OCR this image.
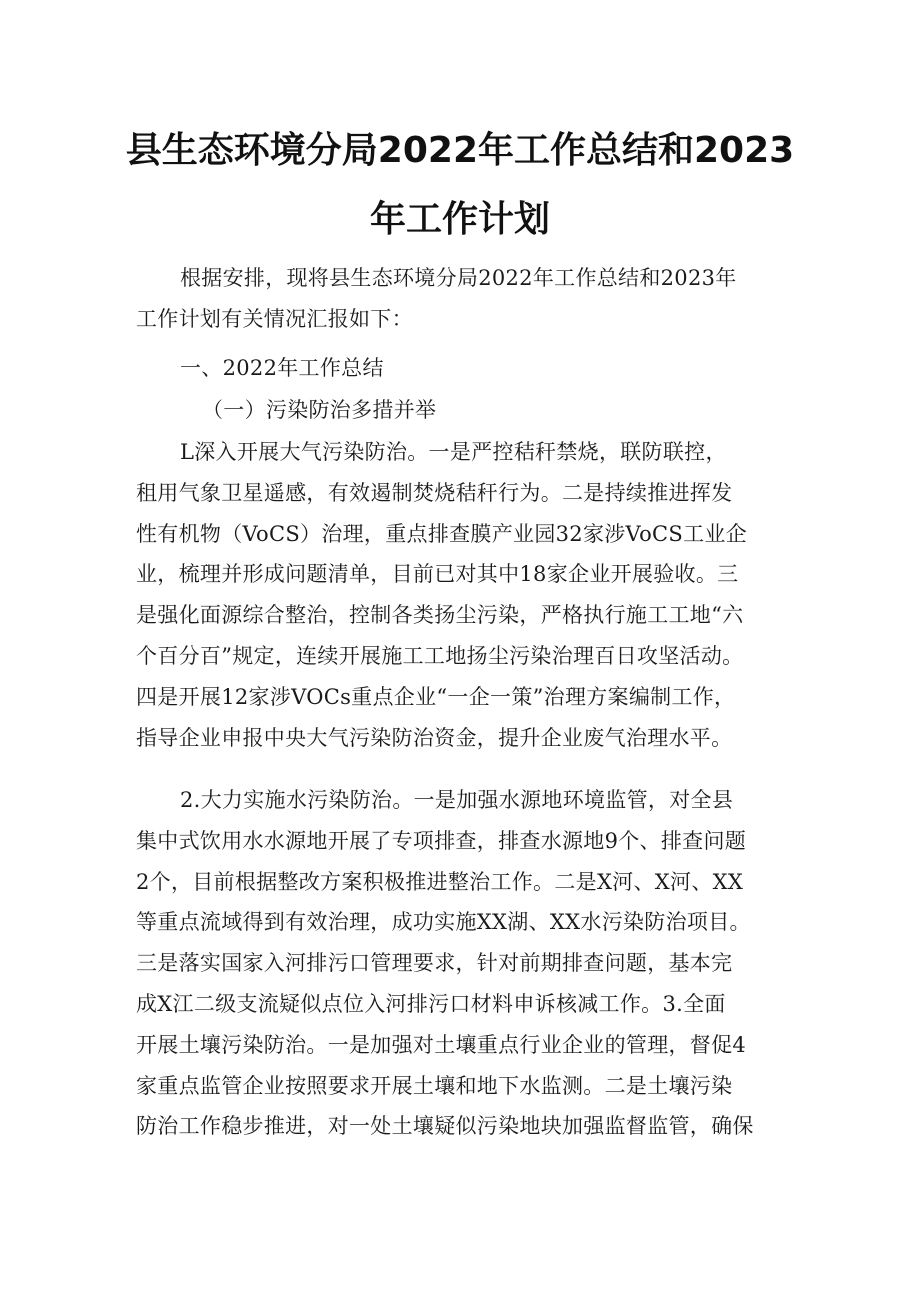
县生态环境分局2022年工作总结和2023
年工作计划
根据安排，现将县生态环境分局2022年工作总结和2023年
工作计划有关情况汇报如下：
一、2022年工作总结
（一）污染防治多措并举
L深入开展大气污染防治。一是严控秸秆禁烧，联防联控，
租用气象卫星遥感，有效遏制焚烧秸秆行为。二是持续推进挥发
性有机物（VoCS）治理，重点排查膜产业园32家涉VoCS工业企
业，梳理并形成问题清单，目前已对其中18家企业开展验收。三
是强化面源综合整治，控制各类扬尘污染，严格执行施工工地“六
个百分百”规定，连续开展施工工地扬尘污染治理百日攻坚活动。
四是开展12家涉VOCs重点企业“一企一策”治理方案编制工作，
指导企业申报中央大气污染防治资金，提升企业废气治理水平。
2.大力实施水污染防治。一是加强水源地环境监管，对全县
集中式饮用水水源地开展了专项排查，排查水源地9个、排查问题
2个，目前根据整改方案积极推进整治工作。二是X河、X河、XX
等重点流域得到有效治理，成功实施XX湖、XX水污染防治项目。
三是落实国家入河排污口管理要求，针对前期排查问题，基本完
成X江二级支流疑似点位入河排污口材料申诉核减工作。3.全面
开展土壤污染防治。一是加强对土壤重点行业企业的管理，督促4
家重点监管企业按照要求开展土壤和地下水监测。二是土壤污染
防治工作稳步推进，对一处土壤疑似污染地块加强监督监管，确保
